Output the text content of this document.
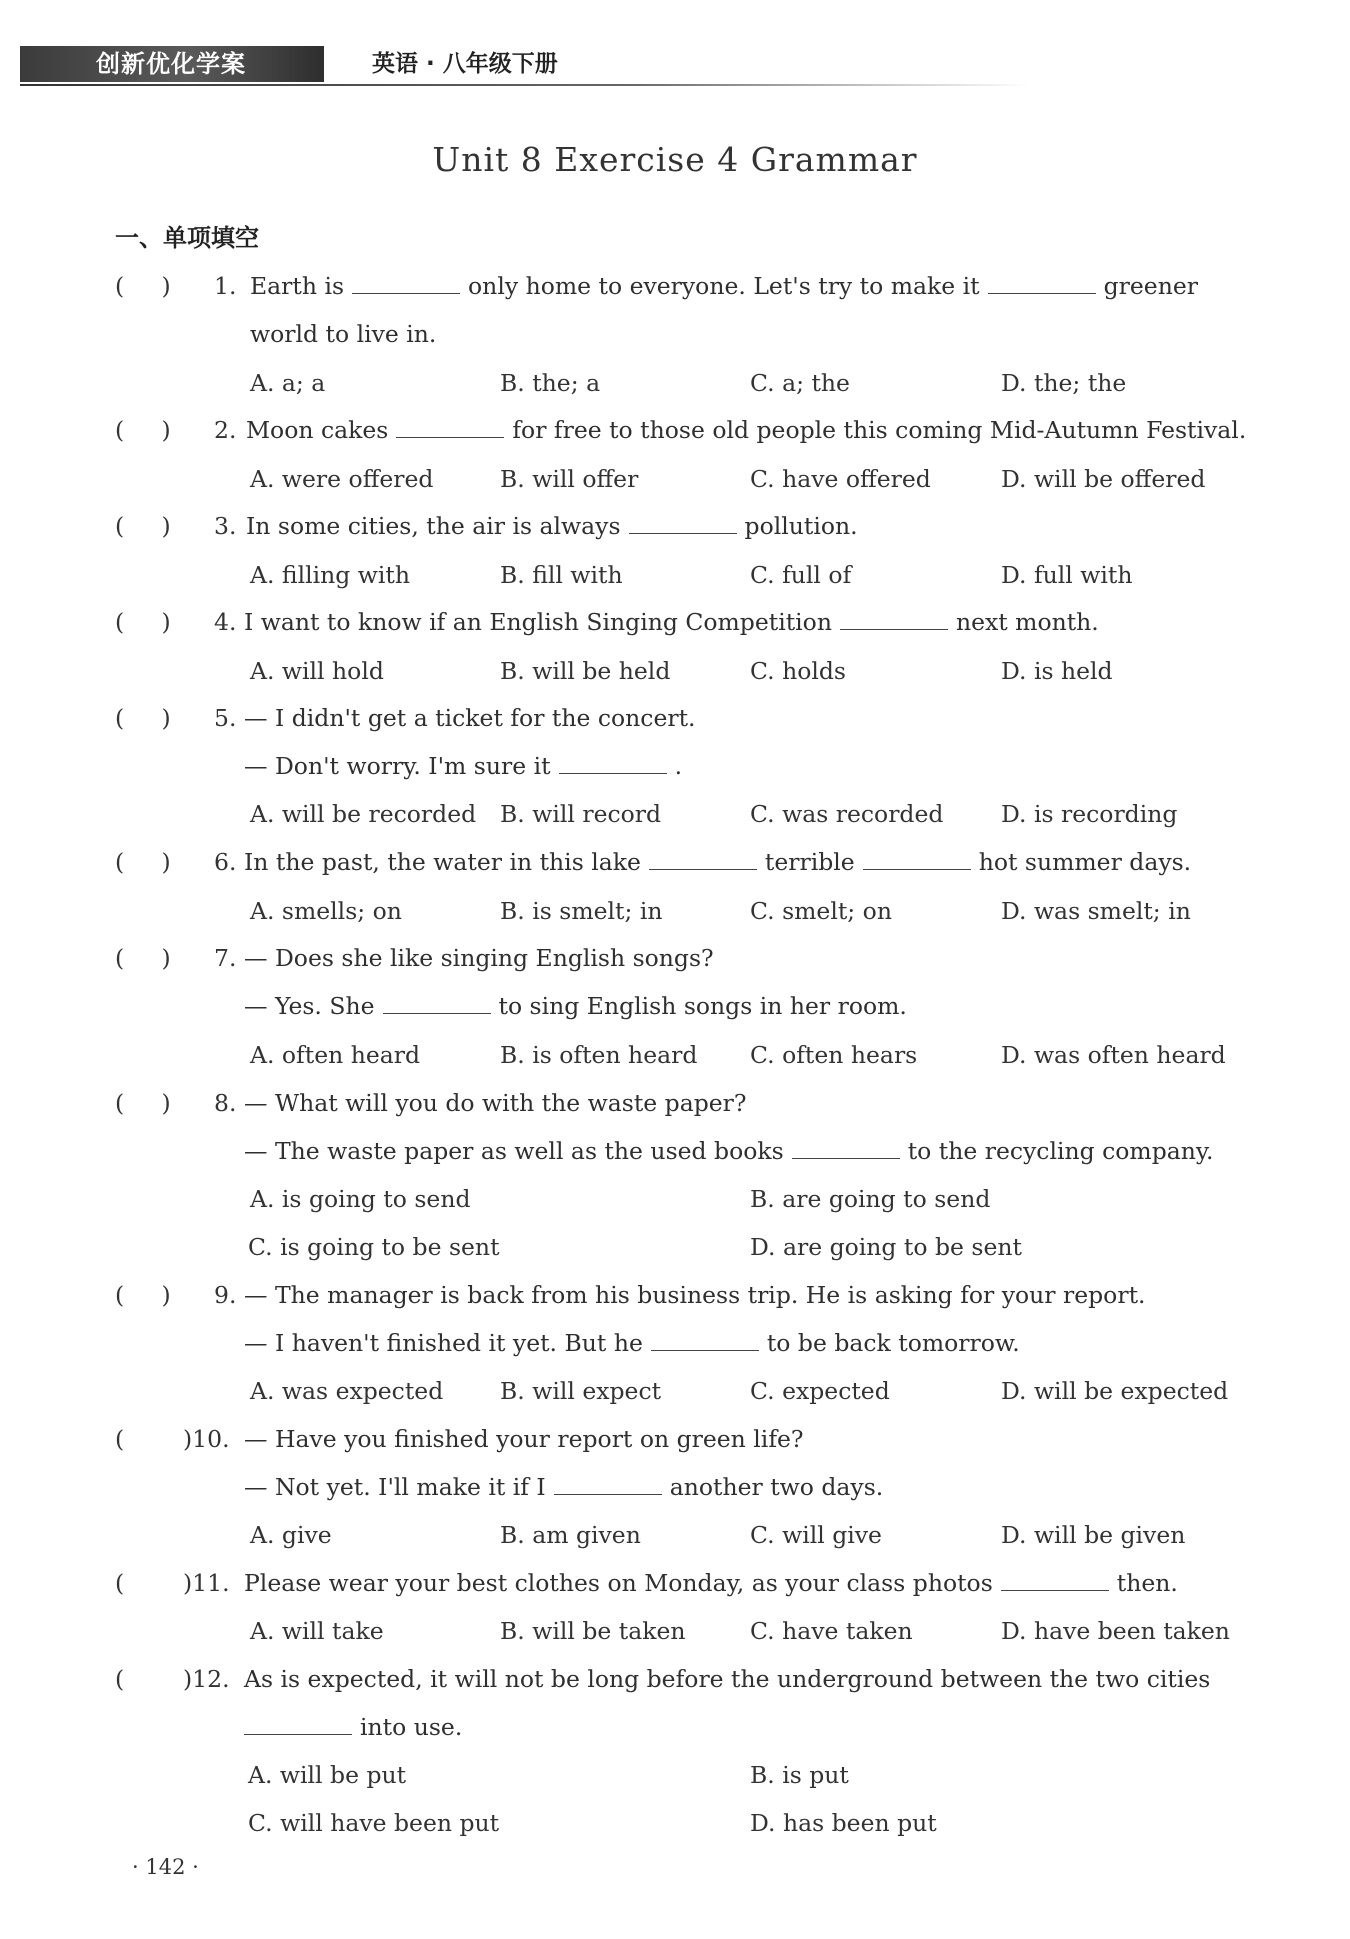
创新优化学案	英语 · 八年级下册
Unit 8 Exercise 4 Grammar
一、单项填空
(     ) 1. Earth is	only home to everyone. Let's try to make it	greener
world to live in.
A. a; a	B. the; a	C. a; the	D. the; the
(     ) 2. Moon cakes	for free to those old people this coming Mid-Autumn Festival.
A. were offered	B. will offer	C. have offered	D. will be offered
(     ) 3. In some cities, the air is always	pollution.
A. filling with	B. fill with	C. full of	D. full with
(     ) 4. I want to know if an English Singing Competition	next month.
A. will hold	B. will be held	C. holds	D. is held
(     ) 5. — I didn't get a ticket for the concert.
— Don't worry. I'm sure it	.
A. will be recorded B. will record	C. was recorded D. is recording
(     ) 6. In the past, the water in this lake	terrible	hot summer days.
A. smells; on	B. is smelt; in	C. smelt; on	D. was smelt; in
(     ) 7. — Does she like singing English songs?
— Yes. She	to sing English songs in her room.
A. often heard	B. is often heard C. often hears	D. was often heard
(     ) 8. — What will you do with the waste paper?
— The waste paper as well as the used books	to the recycling company.
A. is going to send	B. are going to send
C. is going to be sent	D. are going to be sent
(     ) 9. — The manager is back from his business trip. He is asking for your report.
— I haven't finished it yet. But he	to be back tomorrow.
A. was expected B. will expect	C. expected	D. will be expected
( )10. — Have you finished your report on green life?
— Not yet. I'll make it if I	another two days.
A. give	B. am given	C. will give	D. will be given
( )11. Please wear your best clothes on Monday, as your class photos	then.
A. will take	B. will be taken	C. have taken	D. have been taken
( )12. As is expected, it will not be long before the underground between the two cities
into use.
A. will be put	B. is put
C. will have been put	D. has been put
· 142 ·
